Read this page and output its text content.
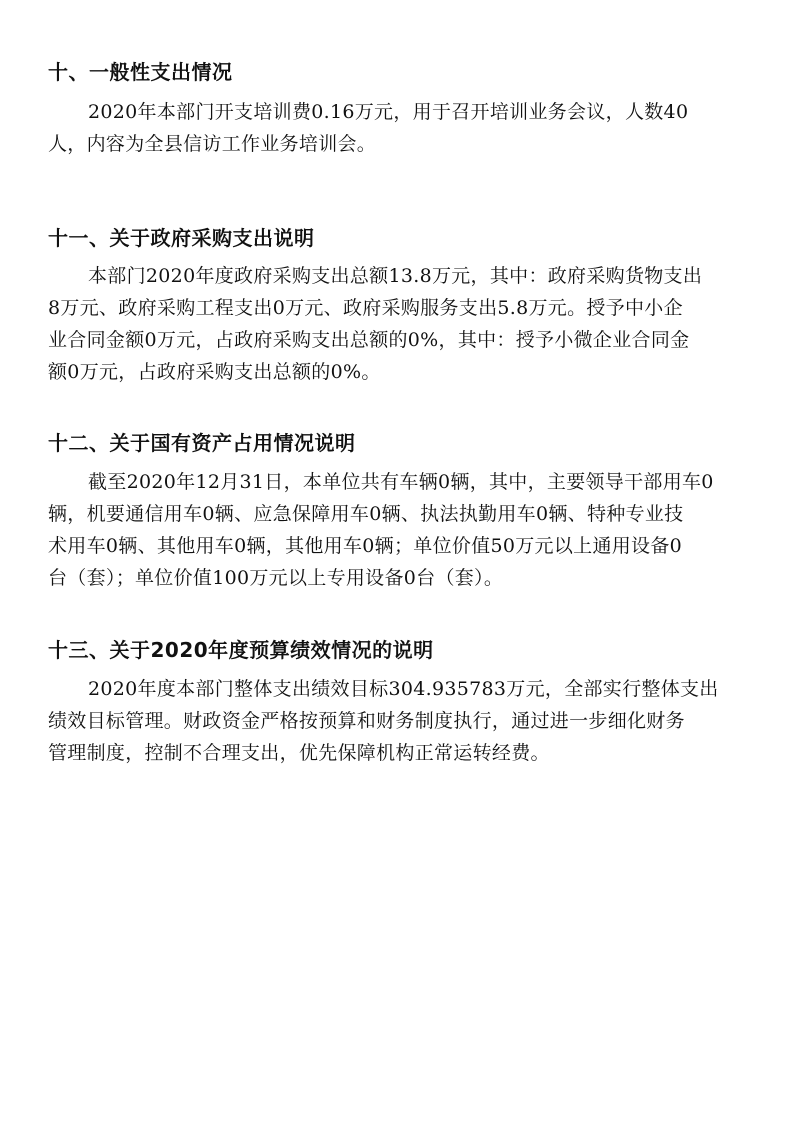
十、一般性支出情况
2020年本部门开支培训费0.16万元，用于召开培训业务会议，人数40
人，内容为全县信访工作业务培训会。
十一、关于政府采购支出说明
本部门2020年度政府采购支出总额13.8万元，其中：政府采购货物支出
8万元、政府采购工程支出0万元、政府采购服务支出5.8万元。授予中小企
业合同金额0万元，占政府采购支出总额的0%，其中：授予小微企业合同金
额0万元，占政府采购支出总额的0%。
十二、关于国有资产占用情况说明
截至2020年12月31日，本单位共有车辆0辆，其中，主要领导干部用车0
辆，机要通信用车0辆、应急保障用车0辆、执法执勤用车0辆、特种专业技
术用车0辆、其他用车0辆，其他用车0辆；单位价值50万元以上通用设备0
台（套）；单位价值100万元以上专用设备0台（套）。
十三、关于2020年度预算绩效情况的说明
2020年度本部门整体支出绩效目标304.935783万元，全部实行整体支出
绩效目标管理。财政资金严格按预算和财务制度执行，通过进一步细化财务
管理制度，控制不合理支出，优先保障机构正常运转经费。
